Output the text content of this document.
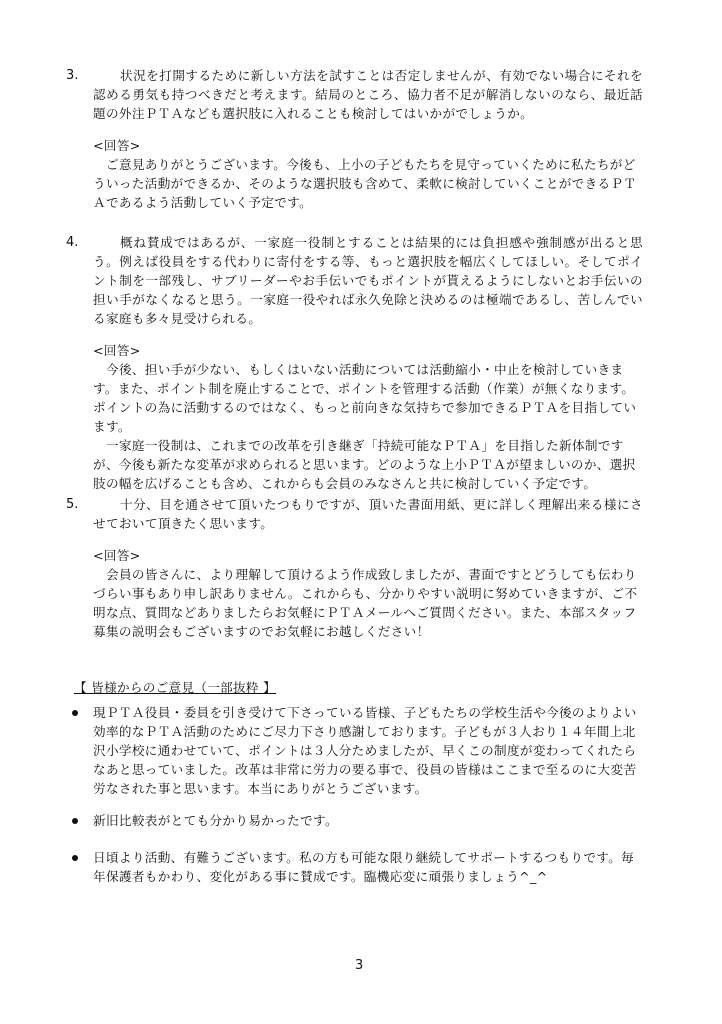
3.	状況を打開するために新しい方法を試すことは否定しませんが、有効でない場合にそれを認める勇気も持つべきだと考えます。結局のところ、協力者不足が解消しないのなら、最近話題の外注ＰＴＡなども選択肢に入れることも検討してはいかがでしょうか。

<回答>

ご意見ありがとうございます。今後も、上小の子どもたちを見守っていくために私たちがどういった活動ができるか、そのような選択肢も含めて、柔軟に検討していくことができるＰＴＡであるよう活動していく予定です。

4.	概ね賛成ではあるが、一家庭一役制とすることは結果的には負担感や強制感が出ると思う。例えば役員をする代わりに寄付をする等、もっと選択肢を幅広くしてほしい。そしてポイント制を一部残し、サブリーダーやお手伝いでもポイントが貰えるようにしないとお手伝いの担い手がなくなると思う。一家庭一役やれば永久免除と決めるのは極端であるし、苦しんでいる家庭も多々見受けられる。

<回答>

今後、担い手が少ない、もしくはいない活動については活動縮小・中止を検討していきます。また、ポイント制を廃止することで、ポイントを管理する活動（作業）が無くなります。ポイントの為に活動するのではなく、もっと前向きな気持ちで参加できるＰＴＡを目指しています。

一家庭一役制は、これまでの改革を引き継ぎ「持続可能なＰＴＡ」を目指した新体制ですが、今後も新たな変革が求められると思います。どのような上小ＰＴＡが望ましいのか、選択肢の幅を広げることも含め、これからも会員のみなさんと共に検討していく予定です。

5.	十分、目を通させて頂いたつもりですが、頂いた書面用紙、更に詳しく理解出来る様にさせておいて頂きたく思います。

<回答>

会員の皆さんに、より理解して頂けるよう作成致しましたが、書面ですとどうしても伝わりづらい事もあり申し訳ありません。これからも、分かりやすい説明に努めていきますが、ご不明な点、質問などありましたらお気軽にＰＴＡメールへご質問ください。また、本部スタッフ募集の説明会もございますのでお気軽にお越しください！

【 皆様からのご意見（一部抜粋 】
現ＰＴＡ役員・委員を引き受けて下さっている皆様、子どもたちの学校生活や今後のよりよい効率的なＰＴＡ活動のためにご尽力下さり感謝しております。子どもが３人おり１４年間上北沢小学校に通わせていて、ポイントは３人分ためましたが、早くこの制度が変わってくれたらなあと思っていました。改革は非常に労力の要る事で、役員の皆様はここまで至るのに大変苦労なされた事と思います。本当にありがとうございます。
新旧比較表がとても分かり易かったです。
日頃より活動、有難うございます。私の方も可能な限り継続してサポートするつもりです。毎年保護者もかわり、変化がある事に賛成です。臨機応変に頑張りましょう^_^
3
